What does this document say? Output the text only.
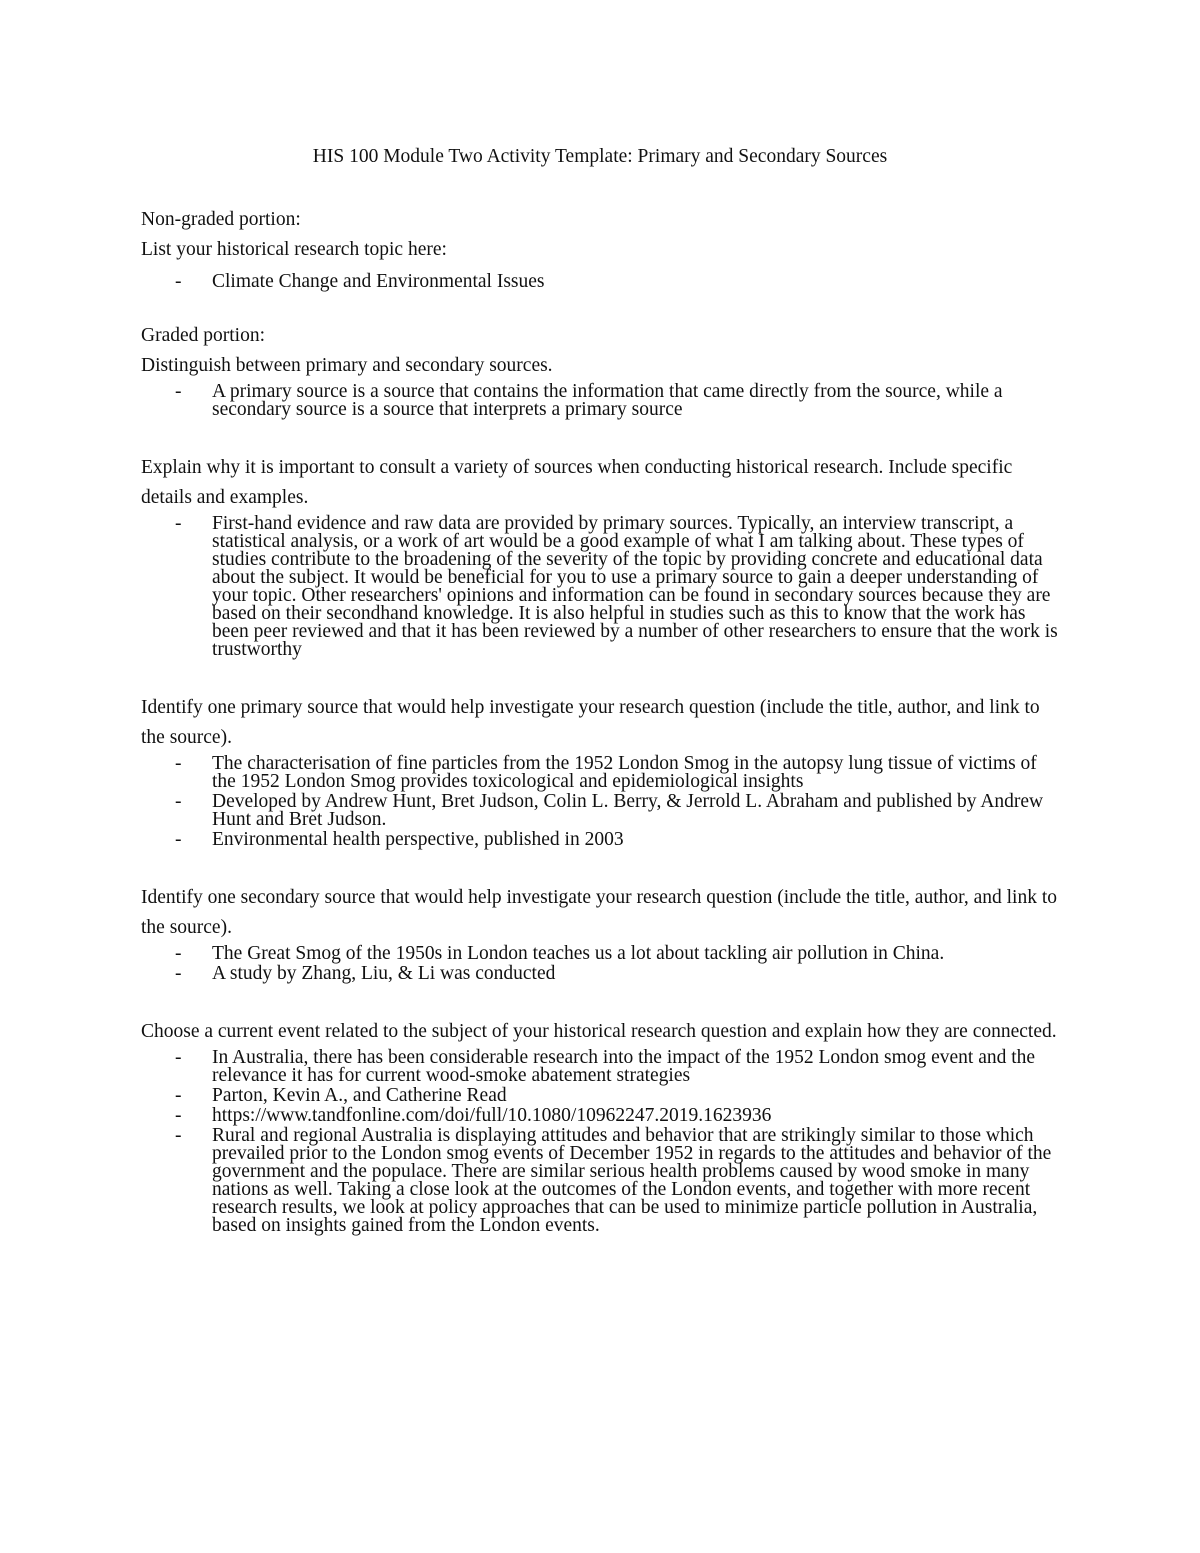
HIS 100 Module Two Activity Template: Primary and Secondary Sources

Non-graded portion:

List your historical research topic here:

- Climate Change and Environmental Issues

Graded portion:

Distinguish between primary and secondary sources.

- A primary source is a source that contains the information that came directly from the source, while a secondary source is a source that interprets a primary source

Explain why it is important to consult a variety of sources when conducting historical research. Include specific details and examples.

- First-hand evidence and raw data are provided by primary sources. Typically, an interview transcript, a statistical analysis, or a work of art would be a good example of what I am talking about. These types of studies contribute to the broadening of the severity of the topic by providing concrete and educational data about the subject. It would be beneficial for you to use a primary source to gain a deeper understanding of your topic. Other researchers' opinions and information can be found in secondary sources because they are based on their secondhand knowledge. It is also helpful in studies such as this to know that the work has been peer reviewed and that it has been reviewed by a number of other researchers to ensure that the work is trustworthy

Identify one primary source that would help investigate your research question (include the title, author, and link to the source).

- The characterisation of fine particles from the 1952 London Smog in the autopsy lung tissue of victims of the 1952 London Smog provides toxicological and epidemiological insights
- Developed by Andrew Hunt, Bret Judson, Colin L. Berry, & Jerrold L. Abraham and published by Andrew Hunt and Bret Judson.
- Environmental health perspective, published in 2003

Identify one secondary source that would help investigate your research question (include the title, author, and link to the source).

- The Great Smog of the 1950s in London teaches us a lot about tackling air pollution in China.
- A study by Zhang, Liu, & Li was conducted

Choose a current event related to the subject of your historical research question and explain how they are connected.

- In Australia, there has been considerable research into the impact of the 1952 London smog event and the relevance it has for current wood-smoke abatement strategies
- Parton, Kevin A., and Catherine Read
- https://www.tandfonline.com/doi/full/10.1080/10962247.2019.1623936
- Rural and regional Australia is displaying attitudes and behavior that are strikingly similar to those which prevailed prior to the London smog events of December 1952 in regards to the attitudes and behavior of the government and the populace. There are similar serious health problems caused by wood smoke in many nations as well. Taking a close look at the outcomes of the London events, and together with more recent research results, we look at policy approaches that can be used to minimize particle pollution in Australia, based on insights gained from the London events.
